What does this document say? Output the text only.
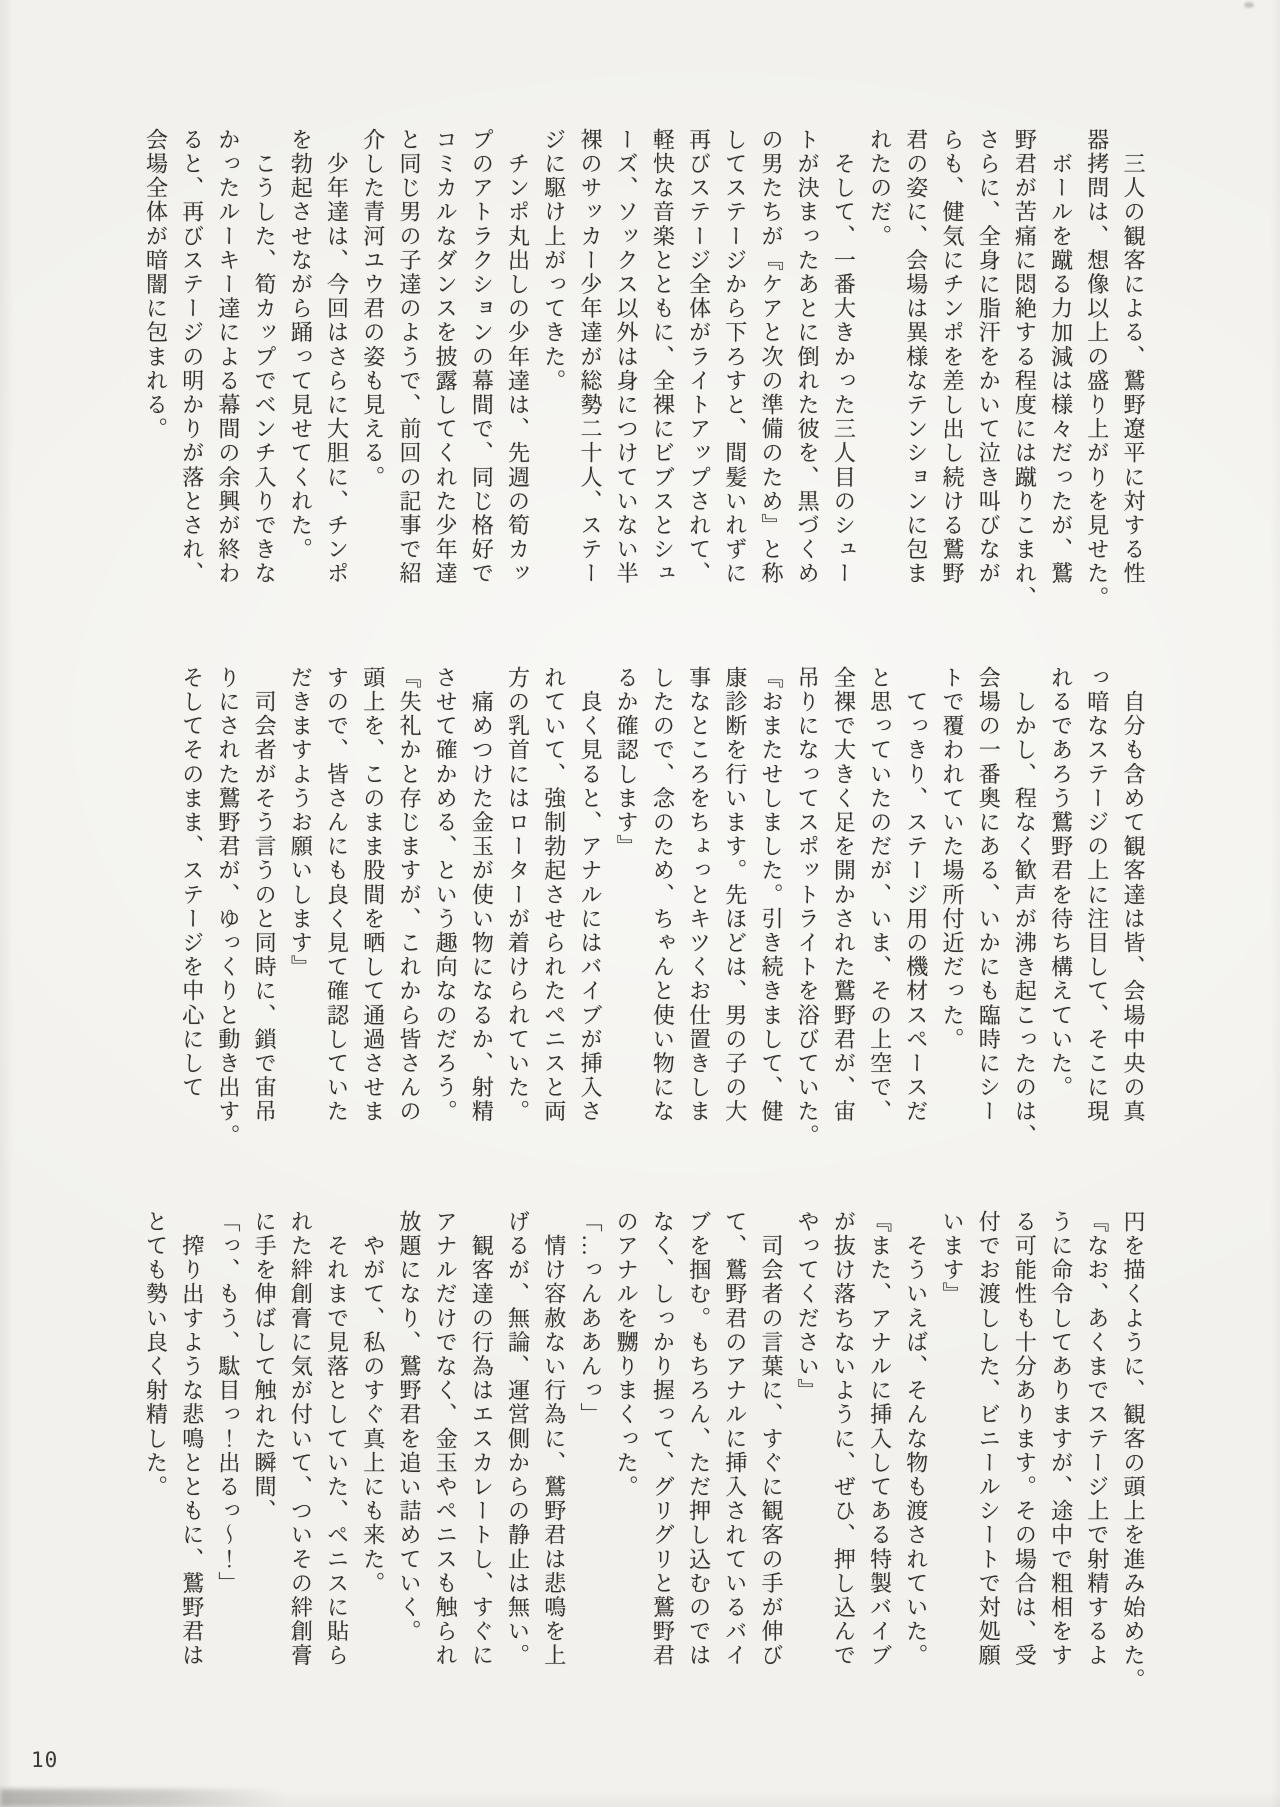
　三人の観客による、鷲野遼平に対する性
器拷問は、想像以上の盛り上がりを見せた。
　ボールを蹴る力加減は様々だったが、鷲
野君が苦痛に悶絶する程度には蹴りこまれ、
さらに、全身に脂汗をかいて泣き叫びなが
らも、健気にチンポを差し出し続ける鷲野
君の姿に、会場は異様なテンションに包ま
れたのだ。
　そして、一番大きかった三人目のシュー
トが決まったあとに倒れた彼を、黒づくめ
の男たちが『ケアと次の準備のため』と称
してステージから下ろすと、間髪いれずに
再びステージ全体がライトアップされて、
軽快な音楽とともに、全裸にビブスとシュ
ーズ、ソックス以外は身につけていない半
裸のサッカー少年達が総勢二十人、ステー
ジに駆け上がってきた。
　チンポ丸出しの少年達は、先週の筍カッ
プのアトラクションの幕間で、同じ格好で
コミカルなダンスを披露してくれた少年達
と同じ男の子達のようで、前回の記事で紹
介した青河ユウ君の姿も見える。
　少年達は、今回はさらに大胆に、チンポ
を勃起させながら踊って見せてくれた。
　こうした、筍カップでベンチ入りできな
かったルーキー達による幕間の余興が終わ
ると、再びステージの明かりが落とされ、
会場全体が暗闇に包まれる。
　自分も含めて観客達は皆、会場中央の真
っ暗なステージの上に注目して、そこに現
れるであろう鷲野君を待ち構えていた。
　しかし、程なく歓声が沸き起こったのは、
会場の一番奥にある、いかにも臨時にシー
トで覆われていた場所付近だった。
　てっきり、ステージ用の機材スペースだ
と思っていたのだが、いま、その上空で、
全裸で大きく足を開かされた鷲野君が、宙
吊りになってスポットライトを浴びていた。
『おまたせしました。引き続きまして、健
康診断を行います。先ほどは、男の子の大
事なところをちょっとキツくお仕置きしま
したので、念のため、ちゃんと使い物にな
るか確認します』
　良く見ると、アナルにはバイブが挿入さ
れていて、強制勃起させられたペニスと両
方の乳首にはローターが着けられていた。
　痛めつけた金玉が使い物になるか、射精
させて確かめる、という趣向なのだろう。
『失礼かと存じますが、これから皆さんの
頭上を、このまま股間を晒して通過させま
すので、皆さんにも良く見て確認していた
だきますようお願いします』
　司会者がそう言うのと同時に、鎖で宙吊
りにされた鷲野君が、ゆっくりと動き出す。
そしてそのまま、ステージを中心にして
円を描くように、観客の頭上を進み始めた。
『なお、あくまでステージ上で射精するよ
うに命令してありますが、途中で粗相をす
る可能性も十分あります。その場合は、受
付でお渡しした、ビニールシートで対処願
います』
　そういえば、そんな物も渡されていた。
『また、アナルに挿入してある特製バイブ
が抜け落ちないように、ぜひ、押し込んで
やってください』
　司会者の言葉に、すぐに観客の手が伸び
て、鷲野君のアナルに挿入されているバイ
ブを掴む。もちろん、ただ押し込むのでは
なく、しっかり握って、グリグリと鷲野君
のアナルを嬲りまくった。
「…っんああんっ」
　情け容赦ない行為に、鷲野君は悲鳴を上
げるが、無論、運営側からの静止は無い。
　観客達の行為はエスカレートし、すぐに
アナルだけでなく、金玉やペニスも触られ
放題になり、鷲野君を追い詰めていく。
　やがて、私のすぐ真上にも来た。
　それまで見落としていた、ペニスに貼ら
れた絆創膏に気が付いて、ついその絆創膏
に手を伸ばして触れた瞬間、
「っ、もう、駄目っ！出るっ〜！」
　搾り出すような悲鳴とともに、鷲野君は
とても勢い良く射精した。
10
